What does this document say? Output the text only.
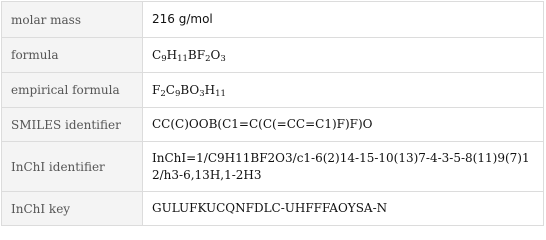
molar mass	216 g/mol
formula	$C_9H_{11}BF_2O_3$
empirical formula	$F_2C_9BO_3H_{11}$
SMILES identifier	CC(C)OOB(C1=C(C(=CC=C1)F)F)O
InChI identifier	InChI=1/C9H11BF2O3/c1-6(2)14-15-10(13)7-4-3-5-8(11)9(7)12/h3-6,13H,1-2H3
InChI key	GULUFKUCQNFDLC-UHFFFAOYSA-N
